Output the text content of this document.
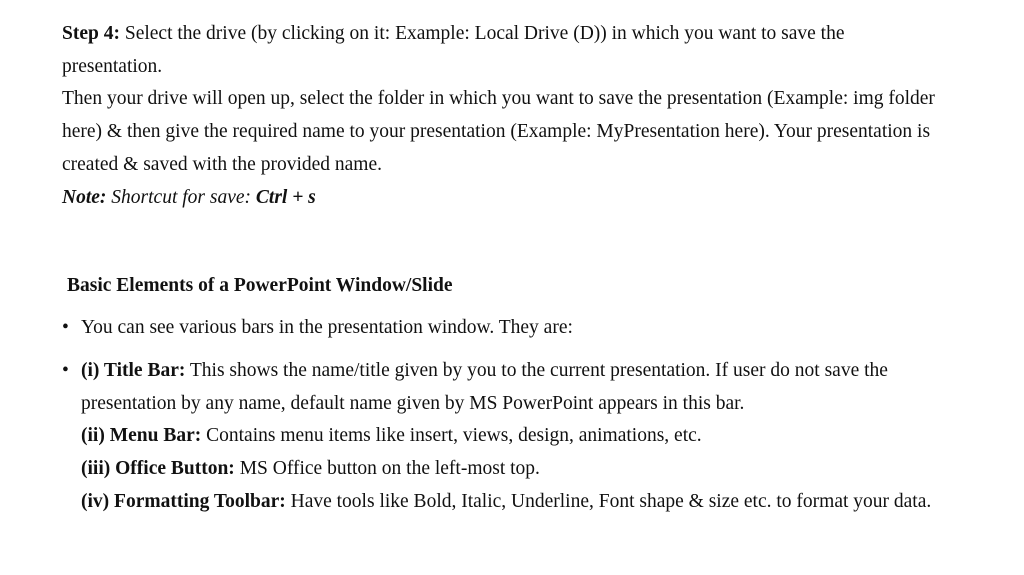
Step 4: Select the drive (by clicking on it: Example: Local Drive (D)) in which you want to save the presentation.
Then your drive will open up, select the folder in which you want to save the presentation (Example: img folder here) & then give the required name to your presentation (Example: MyPresentation here). Your presentation is created & saved with the provided name.
Note: Shortcut for save: Ctrl + s
Basic Elements of a PowerPoint Window/Slide
• You can see various bars in the presentation window. They are:
• (i) Title Bar: This shows the name/title given by you to the current presentation. If user do not save the presentation by any name, default name given by MS PowerPoint appears in this bar.
(ii) Menu Bar: Contains menu items like insert, views, design, animations, etc.
(iii) Office Button: MS Office button on the left-most top.
(iv) Formatting Toolbar: Have tools like Bold, Italic, Underline, Font shape & size etc. to format your data.
